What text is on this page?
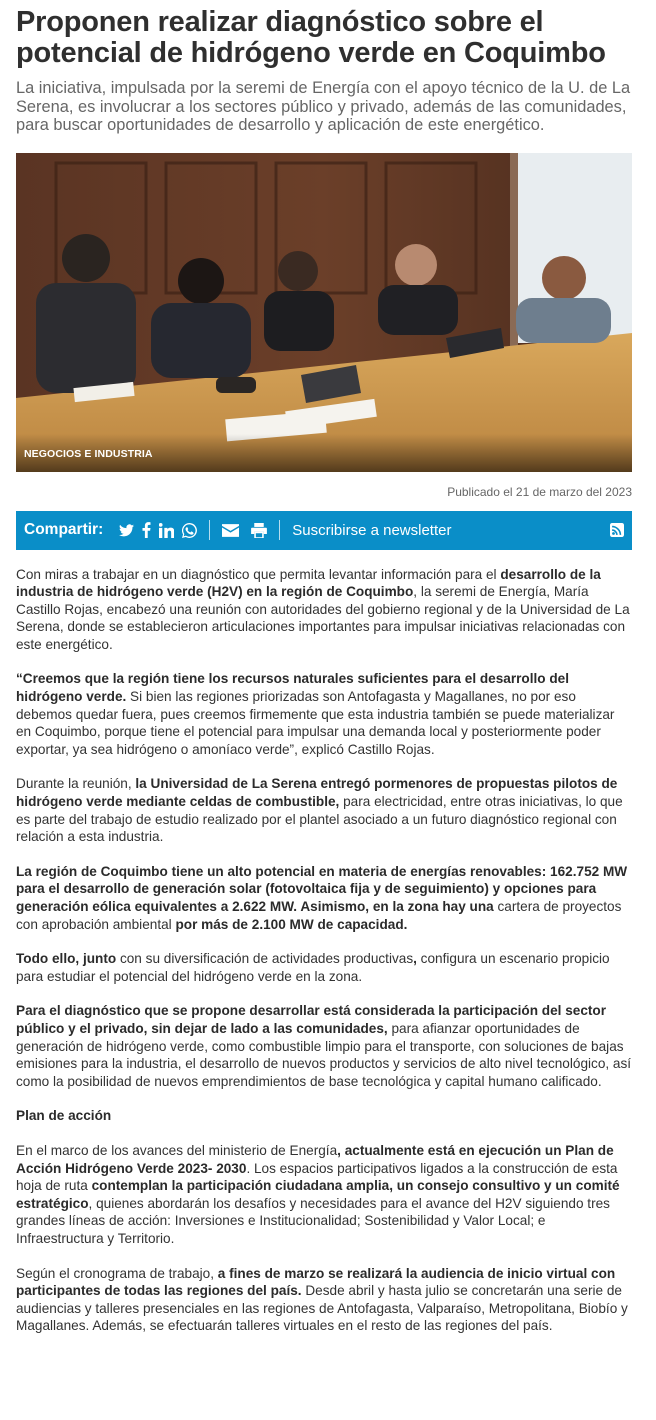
Proponen realizar diagnóstico sobre el potencial de hidrógeno verde en Coquimbo

La iniciativa, impulsada por la seremi de Energía con el apoyo técnico de la U. de La Serena, es involucrar a los sectores público y privado, además de las comunidades, para buscar oportunidades de desarrollo y aplicación de este energético.

NEGOCIOS E INDUSTRIA
Publicado el 21 de marzo del 2023
Compartir:	Suscribirse a newsletter

Con miras a trabajar en un diagnóstico que permita levantar información para el desarrollo de la industria de hidrógeno verde (H2V) en la región de Coquimbo, la seremi de Energía, María Castillo Rojas, encabezó una reunión con autoridades del gobierno regional y de la Universidad de La Serena, donde se establecieron articulaciones importantes para impulsar iniciativas relacionadas con este energético.

“Creemos que la región tiene los recursos naturales suficientes para el desarrollo del hidrógeno verde. Si bien las regiones priorizadas son Antofagasta y Magallanes, no por eso debemos quedar fuera, pues creemos firmemente que esta industria también se puede materializar en Coquimbo, porque tiene el potencial para impulsar una demanda local y posteriormente poder exportar, ya sea hidrógeno o amoníaco verde”, explicó Castillo Rojas.

Durante la reunión, la Universidad de La Serena entregó pormenores de propuestas pilotos de hidrógeno verde mediante celdas de combustible, para electricidad, entre otras iniciativas, lo que es parte del trabajo de estudio realizado por el plantel asociado a un futuro diagnóstico regional con relación a esta industria.

La región de Coquimbo tiene un alto potencial en materia de energías renovables: 162.752 MW para el desarrollo de generación solar (fotovoltaica fija y de seguimiento) y opciones para generación eólica equivalentes a 2.622 MW. Asimismo, en la zona hay una cartera de proyectos con aprobación ambiental por más de 2.100 MW de capacidad.

Todo ello, junto con su diversificación de actividades productivas, configura un escenario propicio para estudiar el potencial del hidrógeno verde en la zona.

Para el diagnóstico que se propone desarrollar está considerada la participación del sector público y el privado, sin dejar de lado a las comunidades, para afianzar oportunidades de generación de hidrógeno verde, como combustible limpio para el transporte, con soluciones de bajas emisiones para la industria, el desarrollo de nuevos productos y servicios de alto nivel tecnológico, así como la posibilidad de nuevos emprendimientos de base tecnológica y capital humano calificado.

Plan de acción

En el marco de los avances del ministerio de Energía, actualmente está en ejecución un Plan de Acción Hidrógeno Verde 2023- 2030. Los espacios participativos ligados a la construcción de esta hoja de ruta contemplan la participación ciudadana amplia, un consejo consultivo y un comité estratégico, quienes abordarán los desafíos y necesidades para el avance del H2V siguiendo tres grandes líneas de acción: Inversiones e Institucionalidad; Sostenibilidad y Valor Local; e Infraestructura y Territorio.

Según el cronograma de trabajo, a fines de marzo se realizará la audiencia de inicio virtual con participantes de todas las regiones del país. Desde abril y hasta julio se concretarán una serie de audiencias y talleres presenciales en las regiones de Antofagasta, Valparaíso, Metropolitana, Biobío y Magallanes. Además, se efectuarán talleres virtuales en el resto de las regiones del país.
